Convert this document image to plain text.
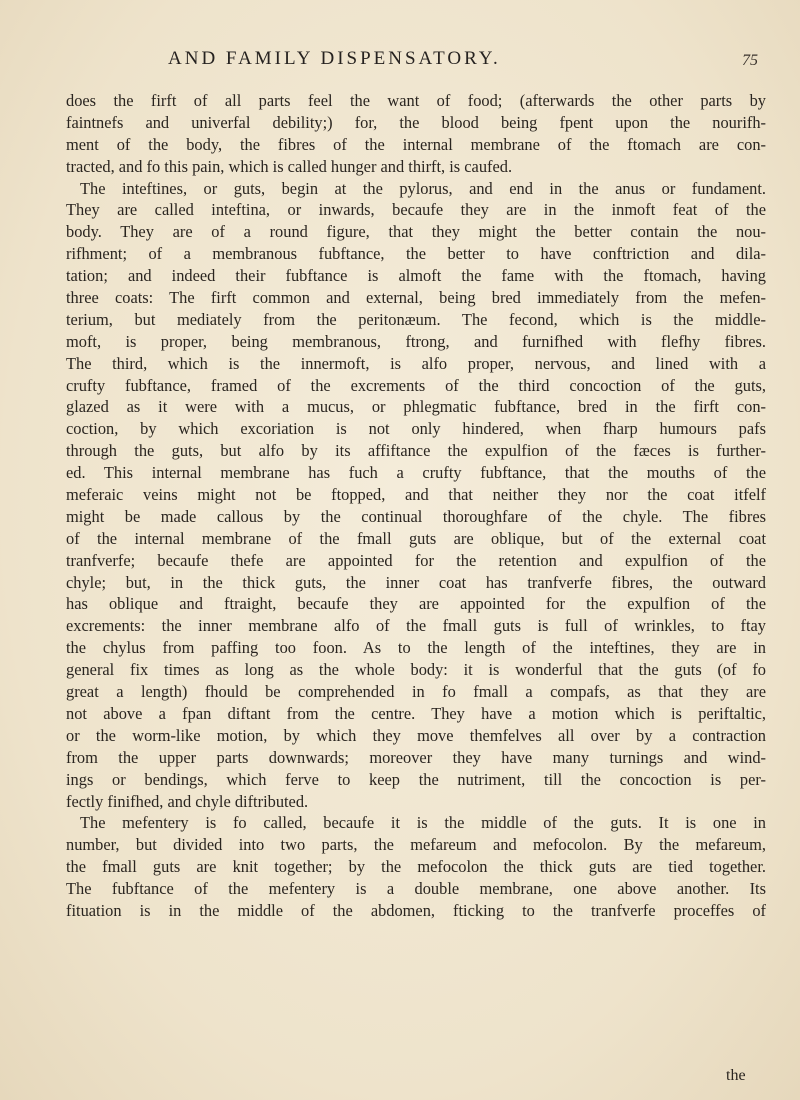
AND FAMILY DISPENSATORY.	75
does the firft of all parts feel the want of food; (afterwards the other parts by
faintnefs and univerfal debility;) for, the blood being fpent upon the nourifh-
ment of the body, the fibres of the internal membrane of the ftomach are con-
tracted, and fo this pain, which is called hunger and thirft, is caufed.
The inteftines, or guts, begin at the pylorus, and end in the anus or fundament.
They are called inteftina, or inwards, becaufe they are in the inmoft feat of the
body. They are of a round figure, that they might the better contain the nou-
rifhment; of a membranous fubftance, the better to have conftriction and dila-
tation; and indeed their fubftance is almoft the fame with the ftomach, having
three coats: The firft common and external, being bred immediately from the mefen-
terium, but mediately from the peritonæum. The fecond, which is the middle-
moft, is proper, being membranous, ftrong, and furnifhed with flefhy fibres.
The third, which is the innermoft, is alfo proper, nervous, and lined with a
crufty fubftance, framed of the excrements of the third concoction of the guts,
glazed as it were with a mucus, or phlegmatic fubftance, bred in the firft con-
coction, by which excoriation is not only hindered, when fharp humours pafs
through the guts, but alfo by its affiftance the expulfion of the fæces is further-
ed. This internal membrane has fuch a crufty fubftance, that the mouths of the
meferaic veins might not be ftopped, and that neither they nor the coat itfelf
might be made callous by the continual thoroughfare of the chyle. The fibres
of the internal membrane of the fmall guts are oblique, but of the external coat
tranfverfe; becaufe thefe are appointed for the retention and expulfion of the
chyle; but, in the thick guts, the inner coat has tranfverfe fibres, the outward
has oblique and ftraight, becaufe they are appointed for the expulfion of the
excrements: the inner membrane alfo of the fmall guts is full of wrinkles, to ftay
the chylus from paffing too foon. As to the length of the inteftines, they are in
general fix times as long as the whole body: it is wonderful that the guts (of fo
great a length) fhould be comprehended in fo fmall a compafs, as that they are
not above a fpan diftant from the centre. They have a motion which is periftaltic,
or the worm-like motion, by which they move themfelves all over by a contraction
from the upper parts downwards; moreover they have many turnings and wind-
ings or bendings, which ferve to keep the nutriment, till the concoction is per-
fectly finifhed, and chyle diftributed.
The mefentery is fo called, becaufe it is the middle of the guts. It is one in
number, but divided into two parts, the mefareum and mefocolon. By the mefareum,
the fmall guts are knit together; by the mefocolon the thick guts are tied together.
The fubftance of the mefentery is a double membrane, one above another. Its
fituation is in the middle of the abdomen, fticking to the tranfverfe proceffes of
the
